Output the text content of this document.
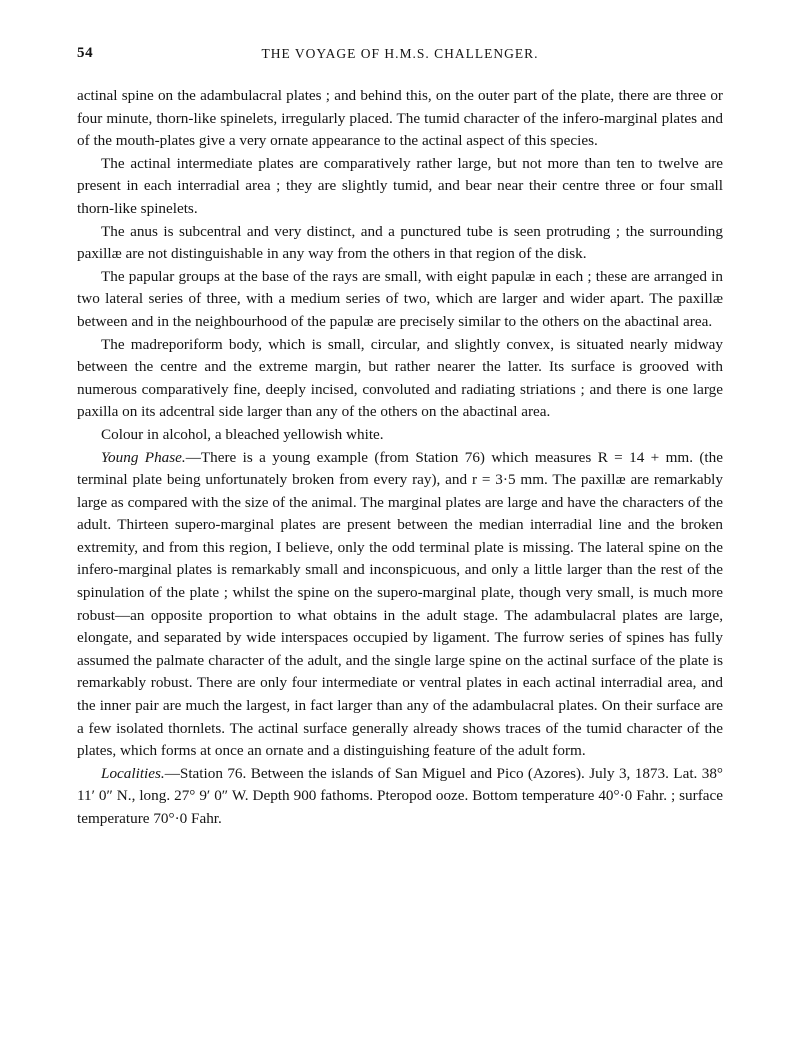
54	THE VOYAGE OF H.M.S. CHALLENGER.

actinal spine on the adambulacral plates ; and behind this, on the outer part of the plate, there are three or four minute, thorn-like spinelets, irregularly placed. The tumid character of the infero-marginal plates and of the mouth-plates give a very ornate appearance to the actinal aspect of this species.

The actinal intermediate plates are comparatively rather large, but not more than ten to twelve are present in each interradial area ; they are slightly tumid, and bear near their centre three or four small thorn-like spinelets.

The anus is subcentral and very distinct, and a punctured tube is seen protruding ; the surrounding paxillæ are not distinguishable in any way from the others in that region of the disk.

The papular groups at the base of the rays are small, with eight papulæ in each ; these are arranged in two lateral series of three, with a medium series of two, which are larger and wider apart. The paxillæ between and in the neighbourhood of the papulæ are precisely similar to the others on the abactinal area.

The madreporiform body, which is small, circular, and slightly convex, is situated nearly midway between the centre and the extreme margin, but rather nearer the latter. Its surface is grooved with numerous comparatively fine, deeply incised, convoluted and radiating striations ; and there is one large paxilla on its adcentral side larger than any of the others on the abactinal area.

Colour in alcohol, a bleached yellowish white.

Young Phase.—There is a young example (from Station 76) which measures R = 14 + mm. (the terminal plate being unfortunately broken from every ray), and r = 3·5 mm. The paxillæ are remarkably large as compared with the size of the animal. The marginal plates are large and have the characters of the adult. Thirteen supero-marginal plates are present between the median interradial line and the broken extremity, and from this region, I believe, only the odd terminal plate is missing. The lateral spine on the infero-marginal plates is remarkably small and inconspicuous, and only a little larger than the rest of the spinulation of the plate ; whilst the spine on the supero-marginal plate, though very small, is much more robust—an opposite proportion to what obtains in the adult stage. The adambulacral plates are large, elongate, and separated by wide interspaces occupied by ligament. The furrow series of spines has fully assumed the palmate character of the adult, and the single large spine on the actinal surface of the plate is remarkably robust. There are only four intermediate or ventral plates in each actinal interradial area, and the inner pair are much the largest, in fact larger than any of the adambulacral plates. On their surface are a few isolated thornlets. The actinal surface generally already shows traces of the tumid character of the plates, which forms at once an ornate and a distinguishing feature of the adult form.

Localities.—Station 76. Between the islands of San Miguel and Pico (Azores). July 3, 1873. Lat. 38° 11′ 0″ N., long. 27° 9′ 0″ W. Depth 900 fathoms. Pteropod ooze. Bottom temperature 40°·0 Fahr. ; surface temperature 70°·0 Fahr.
